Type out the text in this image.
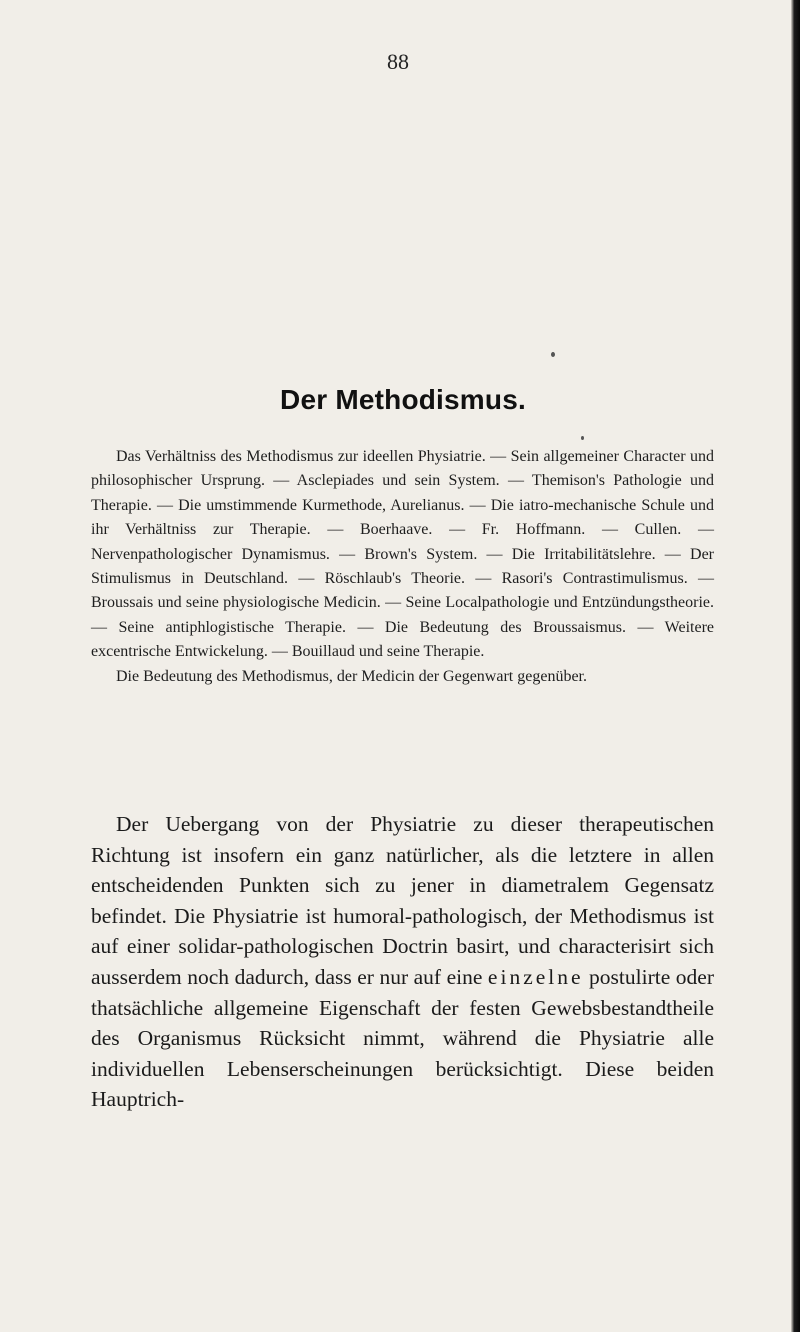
88
Der Methodismus.

Das Verhältniss des Methodismus zur ideellen Physiatrie. — Sein allgemeiner Character und philosophischer Ursprung. — Asclepiades und sein System. — Themison's Pathologie und Therapie. — Die umstimmende Kurmethode, Aurelianus. — Die iatro-mechanische Schule und ihr Verhältniss zur Therapie. — Boerhaave. — Fr. Hoffmann. — Cullen. — Nervenpathologischer Dynamismus. — Brown's System. — Die Irritabilitätslehre. — Der Stimulismus in Deutschland. — Röschlaub's Theorie. — Rasori's Contrastimulismus. — Broussais und seine physiologische Medicin. — Seine Localpathologie und Entzündungstheorie. — Seine antiphlogistische Therapie. — Die Bedeutung des Broussaismus. — Weitere excentrische Entwickelung. — Bouillaud und seine Therapie.

Die Bedeutung des Methodismus, der Medicin der Gegenwart gegenüber.

Der Uebergang von der Physiatrie zu dieser therapeutischen Richtung ist insofern ein ganz natürlicher, als die letztere in allen entscheidenden Punkten sich zu jener in diametralem Gegensatz befindet. Die Physiatrie ist humoral-pathologisch, der Methodismus ist auf einer solidar-pathologischen Doctrin basirt, und characterisirt sich ausserdem noch dadurch, dass er nur auf eine einzelne postulirte oder thatsächliche allgemeine Eigenschaft der festen Gewebsbestandtheile des Organismus Rücksicht nimmt, während die Physiatrie alle individuellen Lebenserscheinungen berücksichtigt. Diese beiden Hauptrich-
